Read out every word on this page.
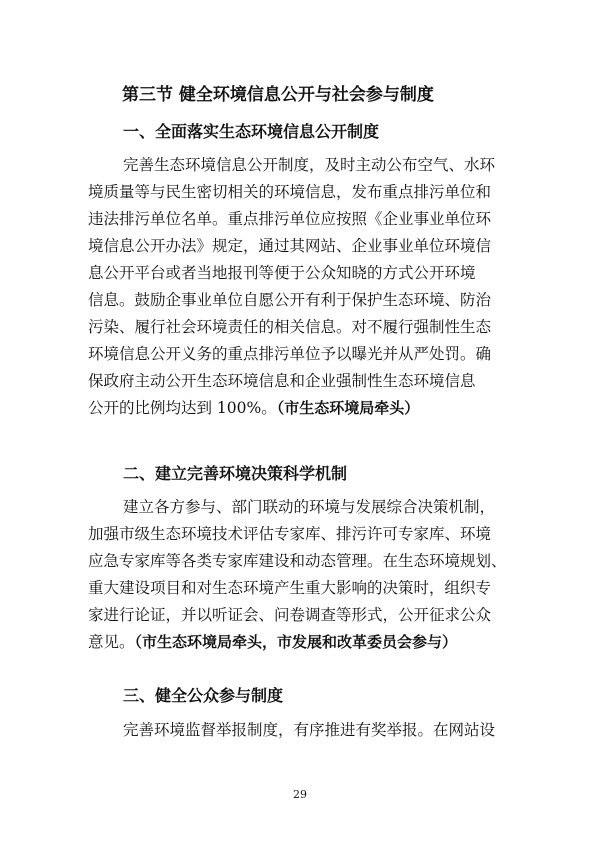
第三节 健全环境信息公开与社会参与制度
一、全面落实生态环境信息公开制度
完善生态环境信息公开制度，及时主动公布空气、水环
境质量等与民生密切相关的环境信息，发布重点排污单位和
违法排污单位名单。重点排污单位应按照《企业事业单位环
境信息公开办法》规定，通过其网站、企业事业单位环境信
息公开平台或者当地报刊等便于公众知晓的方式公开环境
信息。鼓励企事业单位自愿公开有利于保护生态环境、防治
污染、履行社会环境责任的相关信息。对不履行强制性生态
环境信息公开义务的重点排污单位予以曝光并从严处罚。确
保政府主动公开生态环境信息和企业强制性生态环境信息
公开的比例均达到 100%。（市生态环境局牵头）
二、建立完善环境决策科学机制
建立各方参与、部门联动的环境与发展综合决策机制，
加强市级生态环境技术评估专家库、排污许可专家库、环境
应急专家库等各类专家库建设和动态管理。在生态环境规划、
重大建设项目和对生态环境产生重大影响的决策时，组织专
家进行论证，并以听证会、问卷调查等形式，公开征求公众
意见。（市生态环境局牵头，市发展和改革委员会参与）
三、健全公众参与制度
完善环境监督举报制度，有序推进有奖举报。在网站设
29
